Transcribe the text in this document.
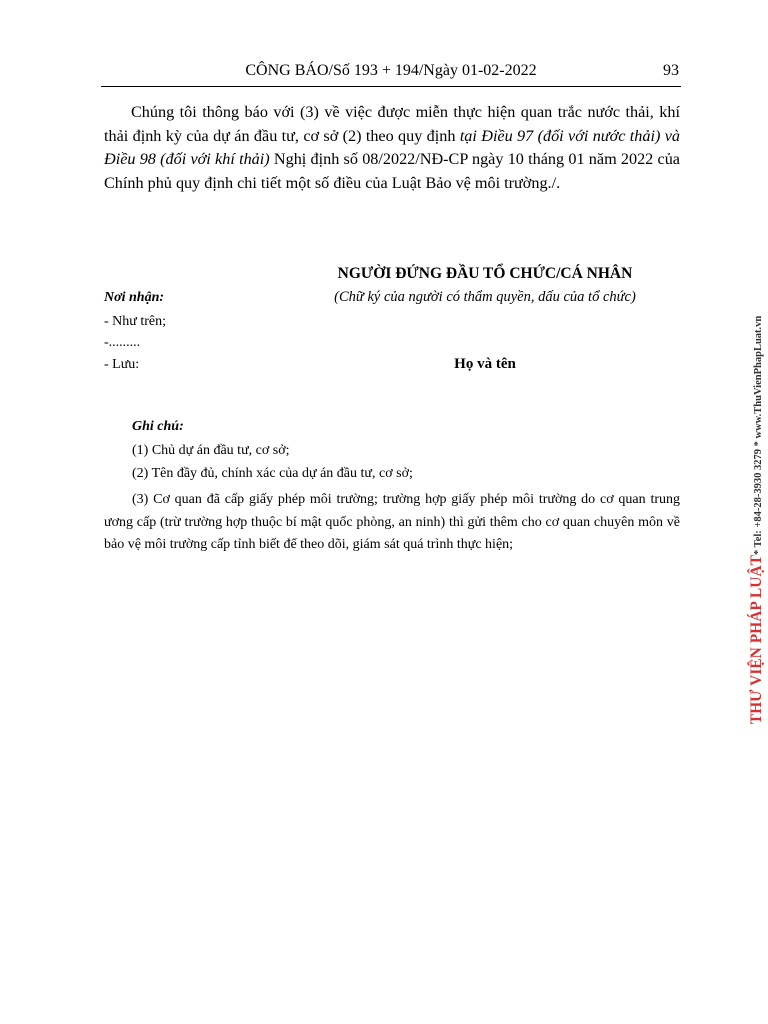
CÔNG BÁO/Số 193 + 194/Ngày 01-02-2022	93

Chúng tôi thông báo với (3) về việc được miễn thực hiện quan trắc nước thải, khí thải định kỳ của dự án đầu tư, cơ sở (2) theo quy định tại Điều 97 (đối với nước thải) và Điều 98 (đối với khí thải) Nghị định số 08/2022/NĐ-CP ngày 10 tháng 01 năm 2022 của Chính phủ quy định chi tiết một số điều của Luật Bảo vệ môi trường./.

NGƯỜI ĐỨNG ĐẦU TỔ CHỨC/CÁ NHÂN
(Chữ ký của người có thẩm quyền, dấu của tổ chức)
Họ và tên
Nơi nhận:
- Như trên;
-.........
- Lưu:
Ghi chú:
(1) Chủ dự án đầu tư, cơ sở;
(2) Tên đầy đủ, chính xác của dự án đầu tư, cơ sở;

(3) Cơ quan đã cấp giấy phép môi trường; trường hợp giấy phép môi trường do cơ quan trung ương cấp (trừ trường hợp thuộc bí mật quốc phòng, an ninh) thì gửi thêm cho cơ quan chuyên môn về bảo vệ môi trường cấp tỉnh biết để theo dõi, giám sát quá trình thực hiện;

THƯ VIỆN PHÁP LUẬT* Tel: +84-28-3930 3279 * www.ThuVienPhapLuat.vn
